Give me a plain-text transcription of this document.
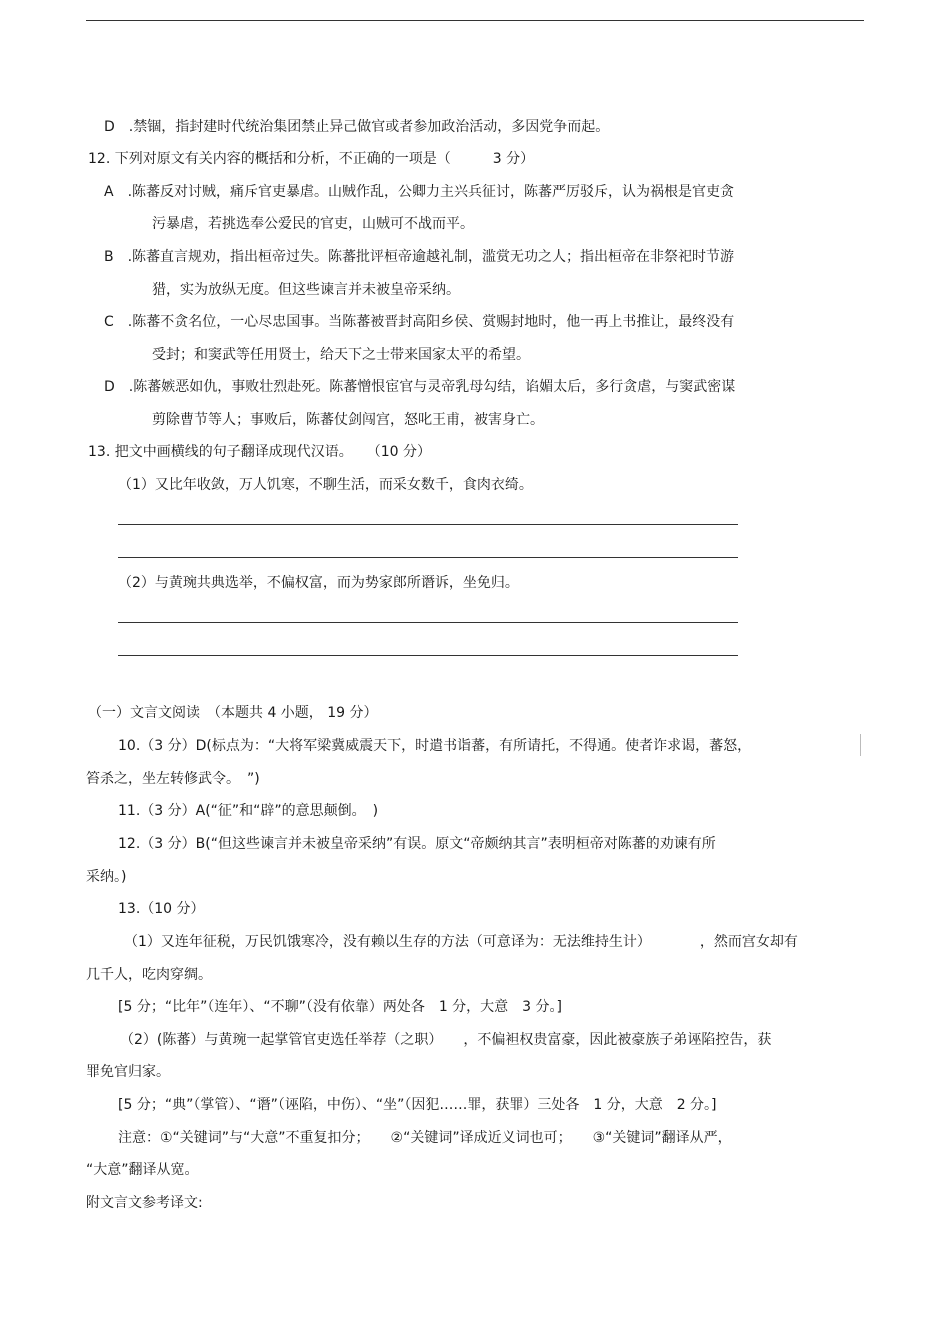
D　.禁锢，指封建时代统治集团禁止异己做官或者参加政治活动，多因党争而起。
12. 下列对原文有关内容的概括和分析，不正确的一项是（　　　3 分）
A　.陈蕃反对讨贼，痛斥官吏暴虐。山贼作乱，公卿力主兴兵征讨，陈蕃严厉驳斥，认为祸根是官吏贪
污暴虐，若挑选奉公爱民的官吏，山贼可不战而平。
B　.陈蕃直言规劝，指出桓帝过失。陈蕃批评桓帝逾越礼制，滥赏无功之人；指出桓帝在非祭祀时节游
猎，实为放纵无度。但这些谏言并未被皇帝采纳。
C　.陈蕃不贪名位，一心尽忠国事。当陈蕃被晋封高阳乡侯、赏赐封地时，他一再上书推让，最终没有
受封；和窦武等任用贤士，给天下之士带来国家太平的希望。
D　.陈蕃嫉恶如仇，事败壮烈赴死。陈蕃憎恨宦官与灵帝乳母勾结，谄媚太后，多行贪虐，与窦武密谋
剪除曹节等人；事败后，陈蕃仗剑闯宫，怒叱王甫，被害身亡。
13. 把文中画横线的句子翻译成现代汉语。　　（10 分）
（1）又比年收敛，万人饥寒，不聊生活，而采女数千，食肉衣绮。
（2）与黄琬共典选举，不偏权富，而为势家郎所谮诉，坐免归。
（一）文言文阅读　（本题共 4 小题， 19 分）
10.（3 分）D(标点为：“大将军梁冀威震天下，时遣书诣蕃，有所请托，不得通。使者诈求谒，蕃怒，
笞杀之，坐左转修武令。　”)
11.（3 分）A(“征”和“辟”的意思颠倒。　)
12.（3 分）B(“但这些谏言并未被皇帝采纳”有误。原文“帝颇纳其言”表明桓帝对陈蕃的劝谏有所
采纳。)
13.（10 分）
（1）又连年征税，万民饥饿寒冷，没有赖以生存的方法（可意译为：无法维持生计）　　　　，然而宫女却有
几千人，吃肉穿绸。
[5 分；“比年”（连年）、“不聊”（没有依靠）两处各　1 分，大意　3 分。]
（2）(陈蕃）与黄琬一起掌管官吏选任举荐（之职）　　，不偏袒权贵富豪，因此被豪族子弟诬陷控告，获
罪免官归家。
[5 分；“典”（掌管）、“谮”（诬陷，中伤）、“坐”（因犯……罪，获罪）三处各　1 分，大意　2 分。]
注意：①“关键词”与“大意”不重复扣分；　　②“关键词”译成近义词也可；　　③“关键词”翻译从严，
“大意”翻译从宽。
附文言文参考译文:
